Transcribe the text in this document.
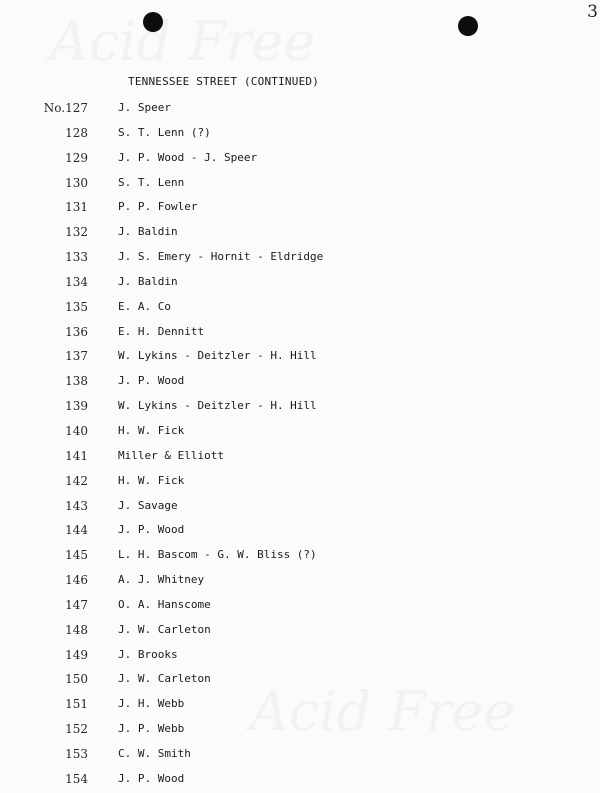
3
TENNESSEE STREET (CONTINUED)
No.127	J. Speer
128	S. T. Lenn (?)
129	J. P. Wood - J. Speer
130	S. T. Lenn
131	P. P. Fowler
132	J. Baldin
133	J. S. Emery - Hornit - Eldridge
134	J. Baldin
135	E. A. Co
136	E. H. Dennitt
137	W. Lykins - Deitzler - H. Hill
138	J. P. Wood
139	W. Lykins - Deitzler - H. Hill
140	H. W. Fick
141	Miller & Elliott
142	H. W. Fick
143	J. Savage
144	J. P. Wood
145	L. H. Bascom - G. W. Bliss (?)
146	A. J. Whitney
147	O. A. Hanscome
148	J. W. Carleton
149	J. Brooks
150	J. W. Carleton
151	J. H. Webb
152	J. P. Webb
153	C. W. Smith
154	J. P. Wood
